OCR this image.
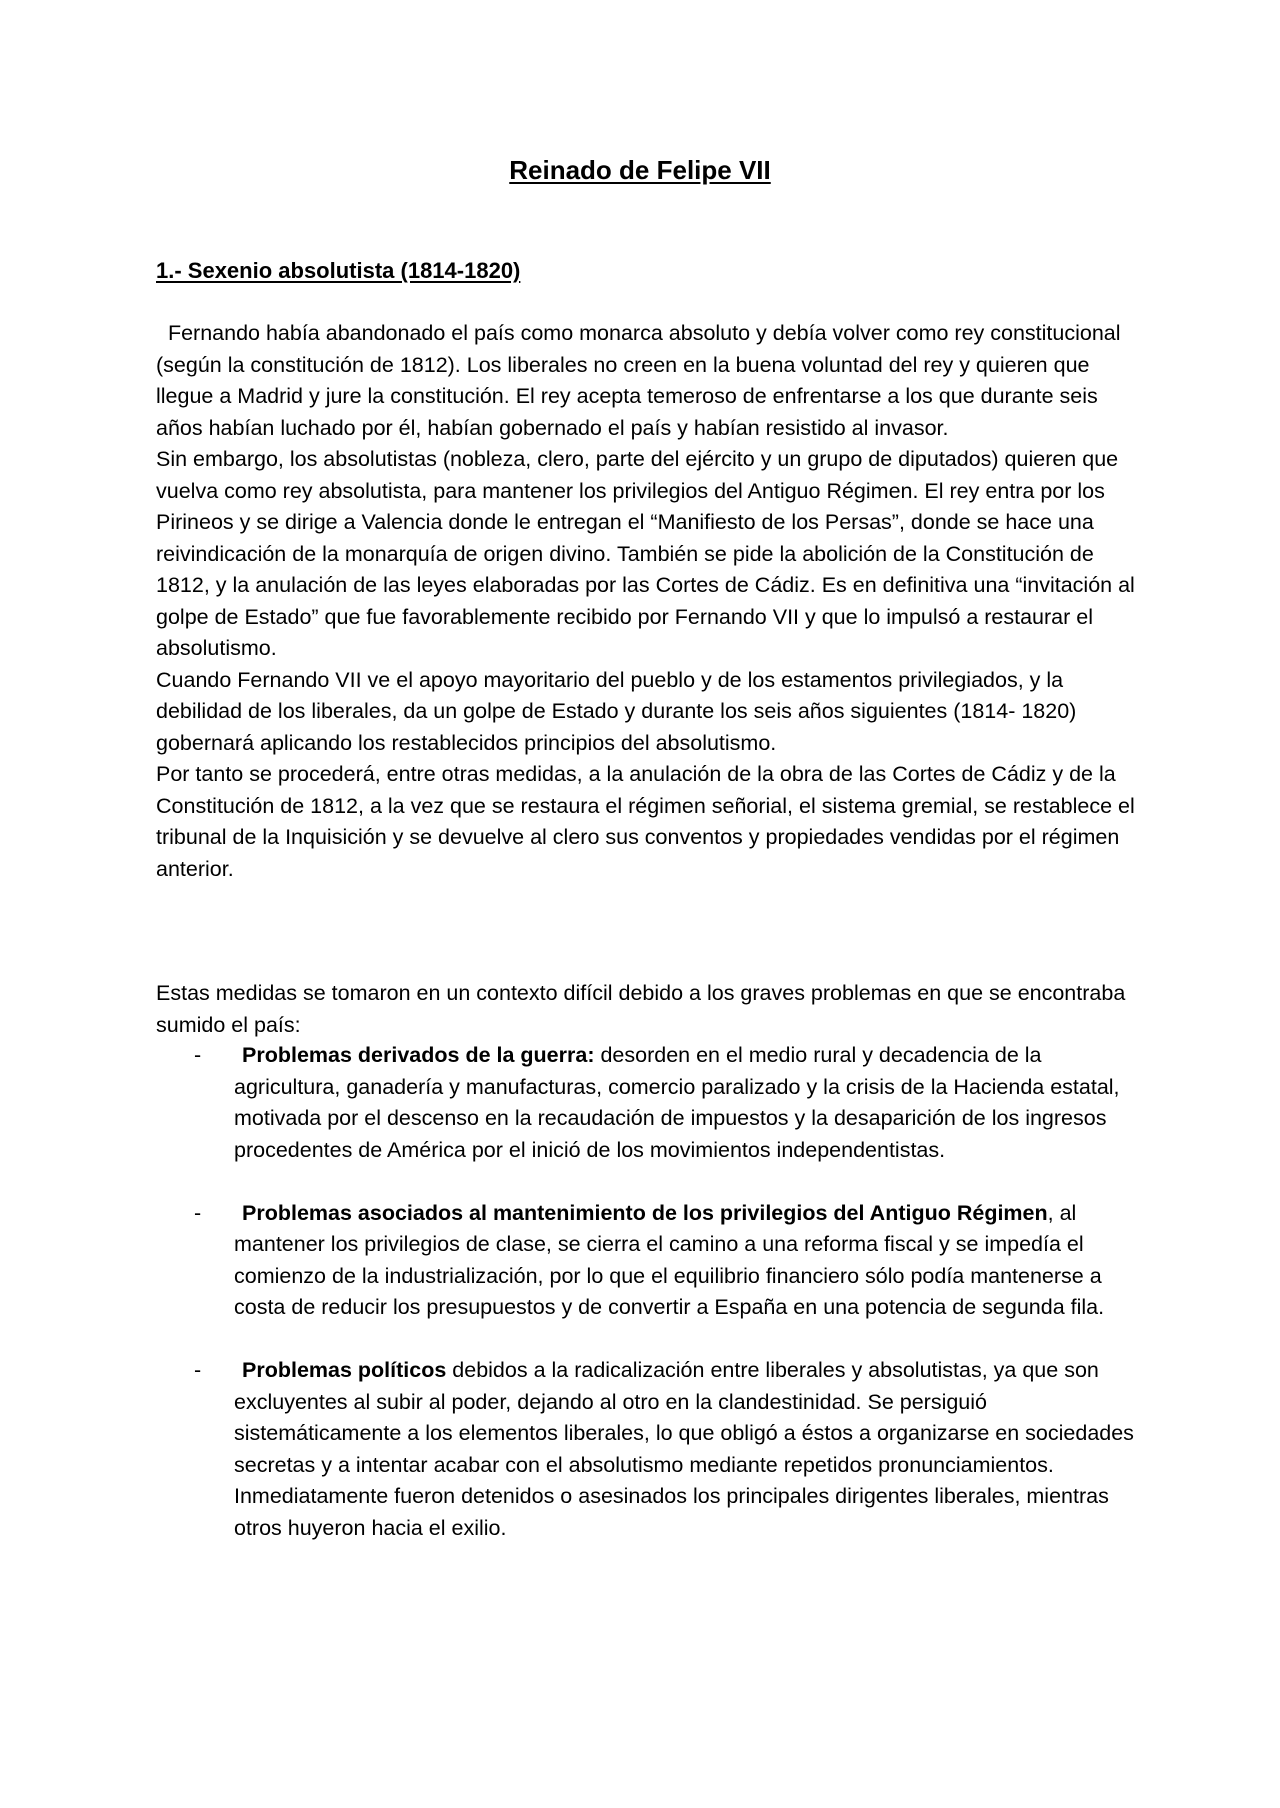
Reinado de Felipe VII
1.- Sexenio absolutista (1814-1820)

Fernando había abandonado el país como monarca absoluto y debía volver como rey constitucional (según la constitución de 1812). Los liberales no creen en la buena voluntad del rey y quieren que llegue a Madrid y jure la constitución. El rey acepta temeroso de enfrentarse a los que durante seis años habían luchado por él, habían gobernado el país y habían resistido al invasor.

Sin embargo, los absolutistas (nobleza, clero, parte del ejército y un grupo de diputados) quieren que vuelva como rey absolutista, para mantener los privilegios del Antiguo Régimen. El rey entra por los Pirineos y se dirige a Valencia donde le entregan el “Manifiesto de los Persas”, donde se hace una reivindicación de la monarquía de origen divino. También se pide la abolición de la Constitución de 1812, y la anulación de las leyes elaboradas por las Cortes de Cádiz. Es en definitiva una “invitación al golpe de Estado” que fue favorablemente recibido por Fernando VII y que lo impulsó a restaurar el absolutismo.

Cuando Fernando VII ve el apoyo mayoritario del pueblo y de los estamentos privilegiados, y la debilidad de los liberales, da un golpe de Estado y durante los seis años siguientes (1814- 1820) gobernará aplicando los restablecidos principios del absolutismo.

Por tanto se procederá, entre otras medidas, a la anulación de la obra de las Cortes de Cádiz y de la Constitución de 1812, a la vez que se restaura el régimen señorial, el sistema gremial, se restablece el tribunal de la Inquisición y se devuelve al clero sus conventos y propiedades vendidas por el régimen anterior.

Estas medidas se tomaron en un contexto difícil debido a los graves problemas en que se encontraba sumido el país:

- Problemas derivados de la guerra: desorden en el medio rural y decadencia de la agricultura, ganadería y manufacturas, comercio paralizado y la crisis de la Hacienda estatal, motivada por el descenso en la recaudación de impuestos y la desaparición de los ingresos procedentes de América por el inició de los movimientos independentistas.
- Problemas asociados al mantenimiento de los privilegios del Antiguo Régimen, al mantener los privilegios de clase, se cierra el camino a una reforma fiscal y se impedía el comienzo de la industrialización, por lo que el equilibrio financiero sólo podía mantenerse a costa de reducir los presupuestos y de convertir a España en una potencia de segunda fila.
- Problemas políticos debidos a la radicalización entre liberales y absolutistas, ya que son excluyentes al subir al poder, dejando al otro en la clandestinidad. Se persiguió sistemáticamente a los elementos liberales, lo que obligó a éstos a organizarse en sociedades secretas y a intentar acabar con el absolutismo mediante repetidos pronunciamientos. Inmediatamente fueron detenidos o asesinados los principales dirigentes liberales, mientras otros huyeron hacia el exilio.
